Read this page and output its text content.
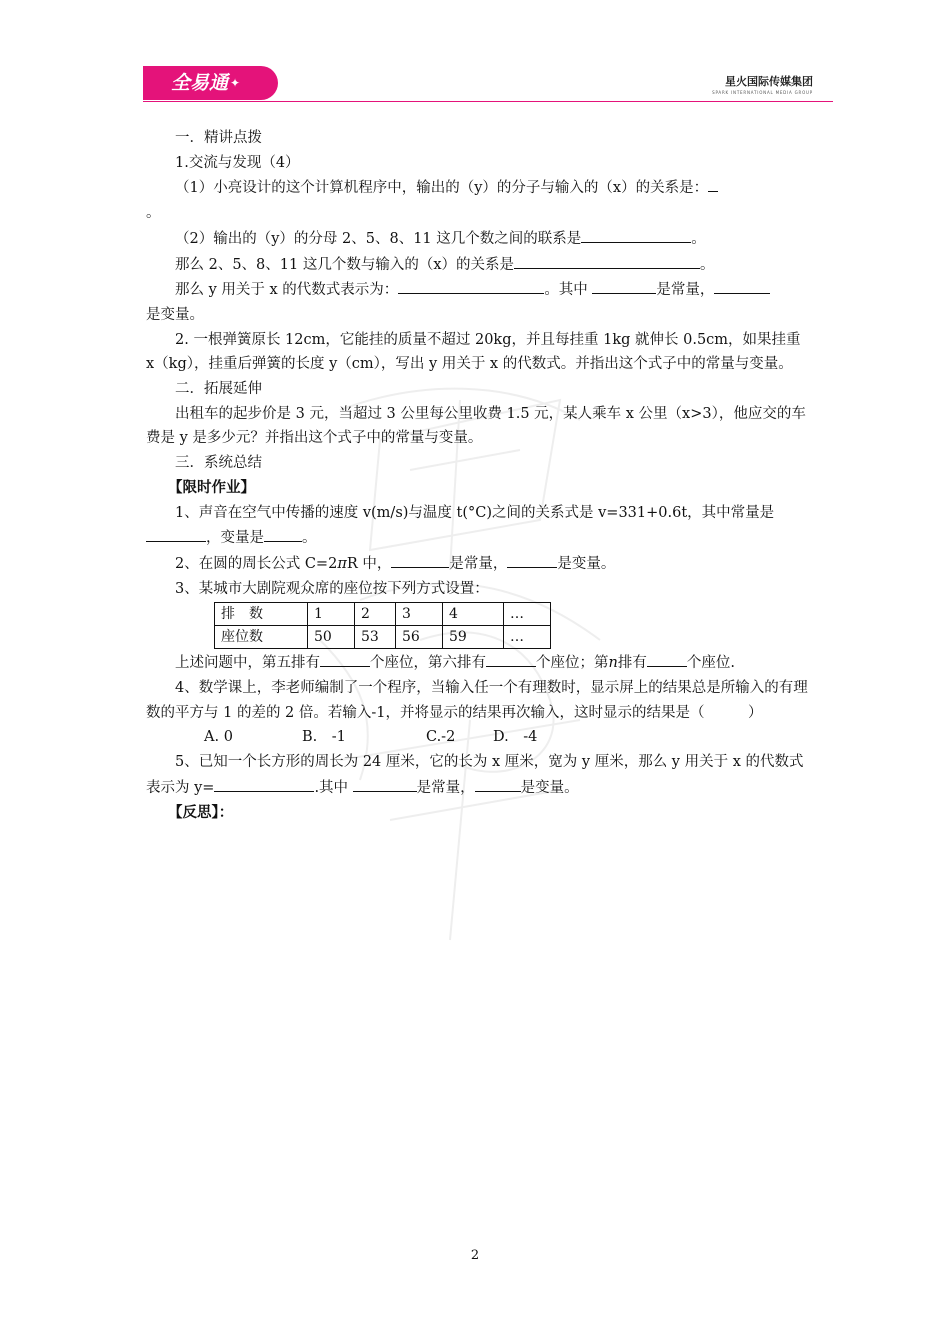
全易通 ✦	星火国际传媒集团
SPARK INTERNATIONAL MEDIA GROUP

一．精讲点拨

1.交流与发现（4）

（1）小亮设计的这个计算机程序中，输出的（y）的分子与输入的（x）的关系是：
。

（2）输出的（y）的分母 2、5、8、11 这几个数之间的联系是	。

那么 2、5、8、11 这几个数与输入的（x）的关系是	。

那么 y 用关于 x 的代数式表示为：	。其中	是常量，
是变量。

2. 一根弹簧原长 12cm，它能挂的质量不超过 20kg，并且每挂重 1kg 就伸长 0.5cm，如果挂重 x（kg），挂重后弹簧的长度 y（cm），写出 y 用关于 x 的代数式。并指出这个式子中的常量与变量。

二．拓展延伸

出租车的起步价是 3 元，当超过 3 公里每公里收费 1.5 元，某人乘车 x 公里（x>3），他应交的车费是 y 是多少元？并指出这个式子中的常量与变量。

三．系统总结

【限时作业】

1、声音在空气中传播的速度 v(m/s)与温度 t(°C)之间的关系式是 v=331+0.6t，其中常量是，变量是	。

2、在圆的周长公式 C=2πR 中，	是常量，	是变量。

3、某城市大剧院观众席的座位按下列方式设置：

排　数	1	2	3	4	…
座位数	50	53	56	59	…

上述问题中，第五排有	个座位，第六排有	个座位；第n排有	个座位.

4、数学课上，李老师编制了一个程序，当输入任一个有理数时，显示屏上的结果总是所输入的有理数的平方与 1 的差的 2 倍。若输入-1，并将显示的结果再次输入，这时显示的结果是（　　　）

A. 0	B.　-1	C.-2	D.　-4

5、已知一个长方形的周长为 24 厘米，它的长为 x 厘米，宽为 y 厘米，那么 y 用关于 x 的代数式表示为 y=	.其中	是常量，	是变量。

【反思】：

2
